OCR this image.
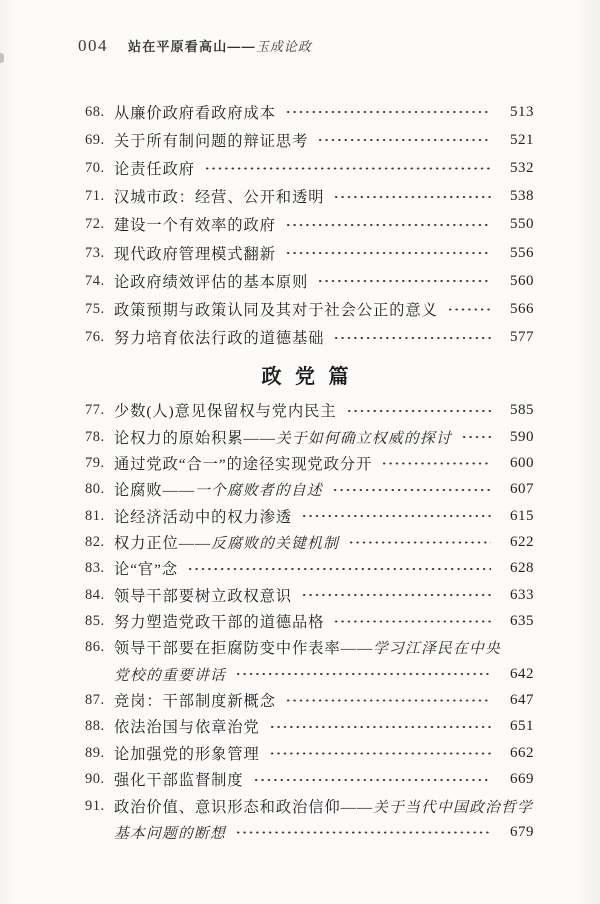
004 站在平原看高山——玉成论政
68. 从廉价政府看政府成本	513
69. 关于所有制问题的辩证思考	521
70. 论责任政府	532
71. 汉城市政：经营、公开和透明	538
72. 建设一个有效率的政府	550
73. 现代政府管理模式翻新	556
74. 论政府绩效评估的基本原则	560
75. 政策预期与政策认同及其对于社会公正的意义	566
76. 努力培育依法行政的道德基础	577
政 党 篇
77. 少数(人)意见保留权与党内民主	585
78. 论权力的原始积累——关于如何确立权威的探讨	590
79. 通过党政“合一”的途径实现党政分开	600
80. 论腐败——一个腐败者的自述	607
81. 论经济活动中的权力渗透	615
82. 权力正位——反腐败的关键机制	622
83. 论“官”念	628
84. 领导干部要树立政权意识	633
85. 努力塑造党政干部的道德品格	635
86. 领导干部要在拒腐防变中作表率——学习江泽民在中央
党校的重要讲话	642
87. 竞岗：干部制度新概念	647
88. 依法治国与依章治党	651
89. 论加强党的形象管理	662
90. 强化干部监督制度	669
91. 政治价值、意识形态和政治信仰——关于当代中国政治哲学
基本问题的断想	679
